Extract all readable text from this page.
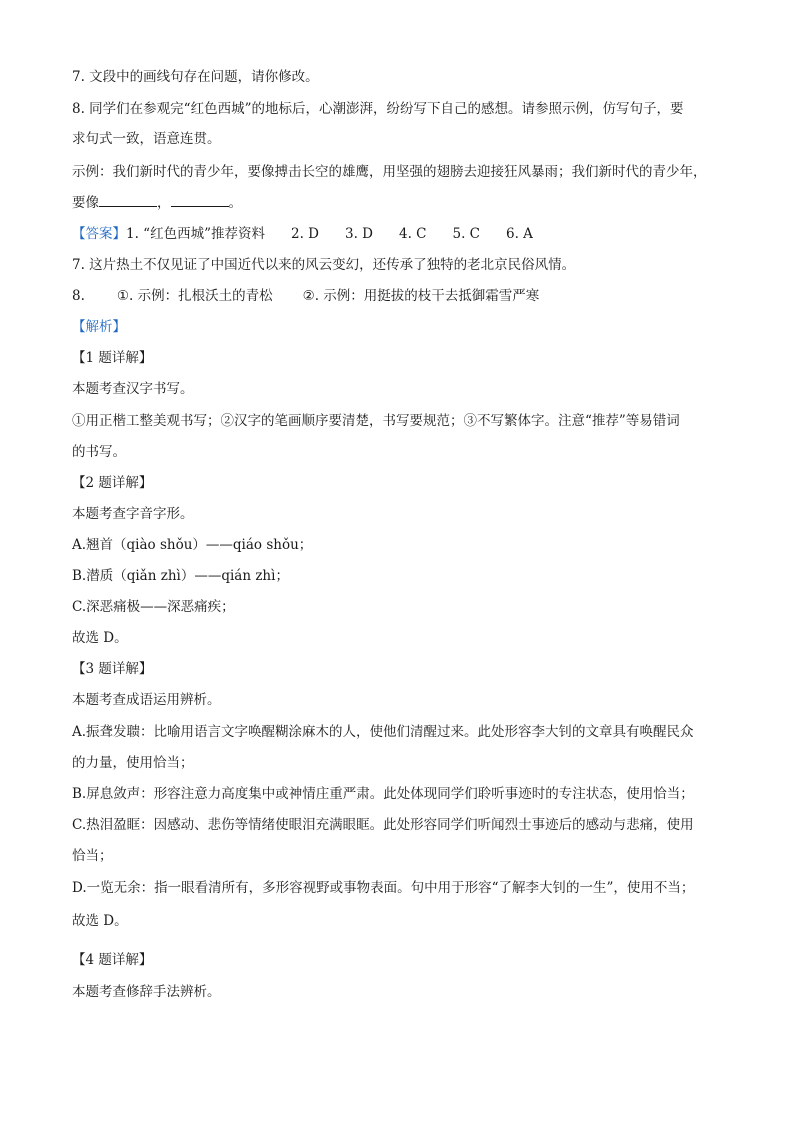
7. 文段中的画线句存在问题，请你修改。
8. 同学们在参观完“红色西城”的地标后，心潮澎湃，纷纷写下自己的感想。请参照示例，仿写句子，要
求句式一致，语意连贯。
示例：我们新时代的青少年，要像搏击长空的雄鹰，用坚强的翅膀去迎接狂风暴雨；我们新时代的青少年，
要像	，	。
【答案】1. “红色西城”推荐资料 2. D 3. D 4. C 5. C 6. A
7. 这片热土不仅见证了中国近代以来的风云变幻，还传承了独特的老北京民俗风情。
8. ①. 示例：扎根沃土的青松 ②. 示例：用挺拔的枝干去抵御霜雪严寒
【解析】
【1 题详解】
本题考查汉字书写。
①用正楷工整美观书写；②汉字的笔画顺序要清楚，书写要规范；③不写繁体字。注意“推荐”等易错词
的书写。
【2 题详解】
本题考查字音字形。
A.翘首（qiào shǒu）——qiáo shǒu；
B.潜质（qiǎn zhì）——qián zhì；
C.深恶痛极——深恶痛疾；
故选 D。
【3 题详解】
本题考查成语运用辨析。
A.振聋发聩：比喻用语言文字唤醒糊涂麻木的人，使他们清醒过来。此处形容李大钊的文章具有唤醒民众
的力量，使用恰当；
B.屏息敛声：形容注意力高度集中或神情庄重严肃。此处体现同学们聆听事迹时的专注状态，使用恰当；
C.热泪盈眶：因感动、悲伤等情绪使眼泪充满眼眶。此处形容同学们听闻烈士事迹后的感动与悲痛，使用
恰当；
D.一览无余：指一眼看清所有，多形容视野或事物表面。句中用于形容“了解李大钊的一生”，使用不当；
故选 D。
【4 题详解】
本题考查修辞手法辨析。
